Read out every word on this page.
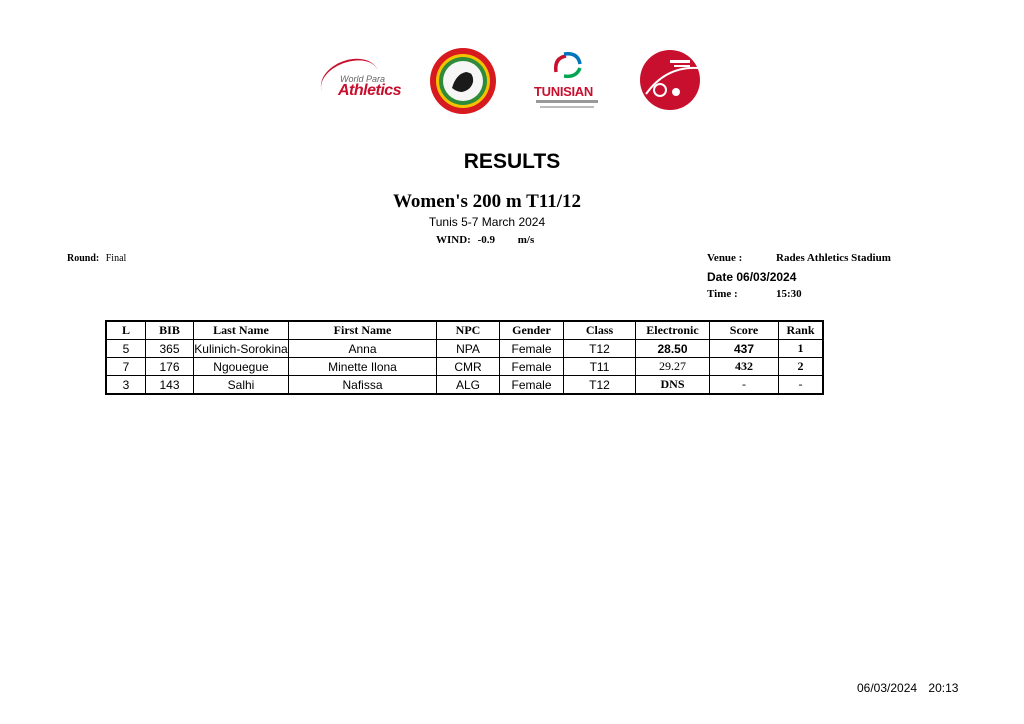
World Para
Athletics	TUNISIAN
RESULTS
Women's 200 m T11/12
Tunis 5-7 March 2024
WIND: -0.9 m/s
Round: Final	Venue :	Rades Athletics Stadium
Date 06/03/2024
Time :	15:30
L	BIB	Last Name	First Name	NPC	Gender	Class	Electronic	Score	Rank
5	365	Kulinich-Sorokina	Anna	NPA	Female	T12	28.50	437	1
7	176	Ngouegue	Minette Ilona	CMR	Female	T11	29.27	432	2
3	143	Salhi	Nafissa	ALG	Female	T12	DNS	-	-
06/03/2024 20:13
